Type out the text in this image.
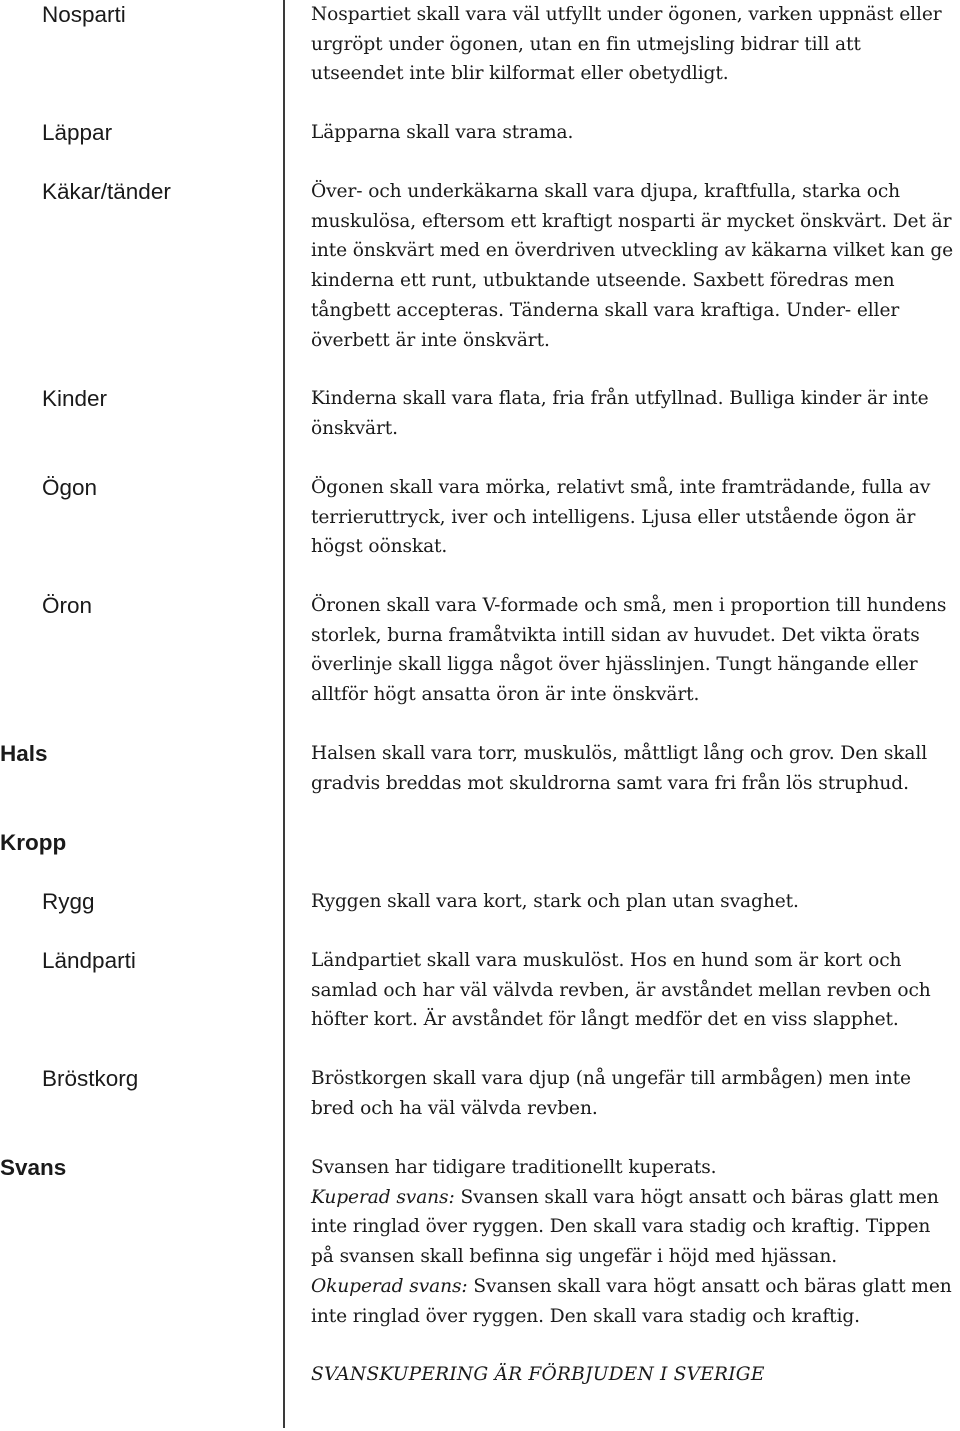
Nosparti
Läppar
Käkar/tänder
Kinder
Ögon
Öron
Hals
Kropp
Rygg
Ländparti
Bröstkorg
Svans

Nospartiet skall vara väl utfyllt under ögonen, varken uppnäst eller urgröpt under ögonen, utan en fin utmejsling bidrar till att utseendet inte blir kilformat eller obetydligt.

Läpparna skall vara strama.

Över- och underkäkarna skall vara djupa, kraftfulla, starka och muskulösa, eftersom ett kraftigt nosparti är mycket önskvärt. Det är inte önskvärt med en överdriven utveckling av käkarna vilket kan ge kinderna ett runt, utbuktande utseende. Saxbett föredras men tångbett accepteras. Tänderna skall vara kraftiga. Under- eller överbett är inte önskvärt.

Kinderna skall vara flata, fria från utfyllnad. Bulliga kinder är inte önskvärt.

Ögonen skall vara mörka, relativt små, inte framträdande, fulla av terrieruttryck, iver och intelligens. Ljusa eller utstående ögon är högst oönskat.

Öronen skall vara V-formade och små, men i proportion till hundens storlek, burna framåtvikta intill sidan av huvudet. Det vikta örats överlinje skall ligga något över hjässlinjen. Tungt hängande eller alltför högt ansatta öron är inte önskvärt.

Halsen skall vara torr, muskulös, måttligt lång och grov. Den skall gradvis breddas mot skuldrorna samt vara fri från lös struphud.

Ryggen skall vara kort, stark och plan utan svaghet.

Ländpartiet skall vara muskulöst. Hos en hund som är kort och samlad och har väl välvda revben, är avståndet mellan revben och höfter kort. Är avståndet för långt medför det en viss slapphet.

Bröstkorgen skall vara djup (nå ungefär till armbågen) men inte bred och ha väl välvda revben.

Svansen har tidigare traditionellt kuperats.

Kuperad svans: Svansen skall vara högt ansatt och bäras glatt men inte ringlad över ryggen. Den skall vara stadig och kraftig. Tippen på svansen skall befinna sig ungefär i höjd med hjässan.

Okuperad svans: Svansen skall vara högt ansatt och bäras glatt men inte ringlad över ryggen. Den skall vara stadig och kraftig.

SVANSKUPERING ÄR FÖRBJUDEN I SVERIGE
